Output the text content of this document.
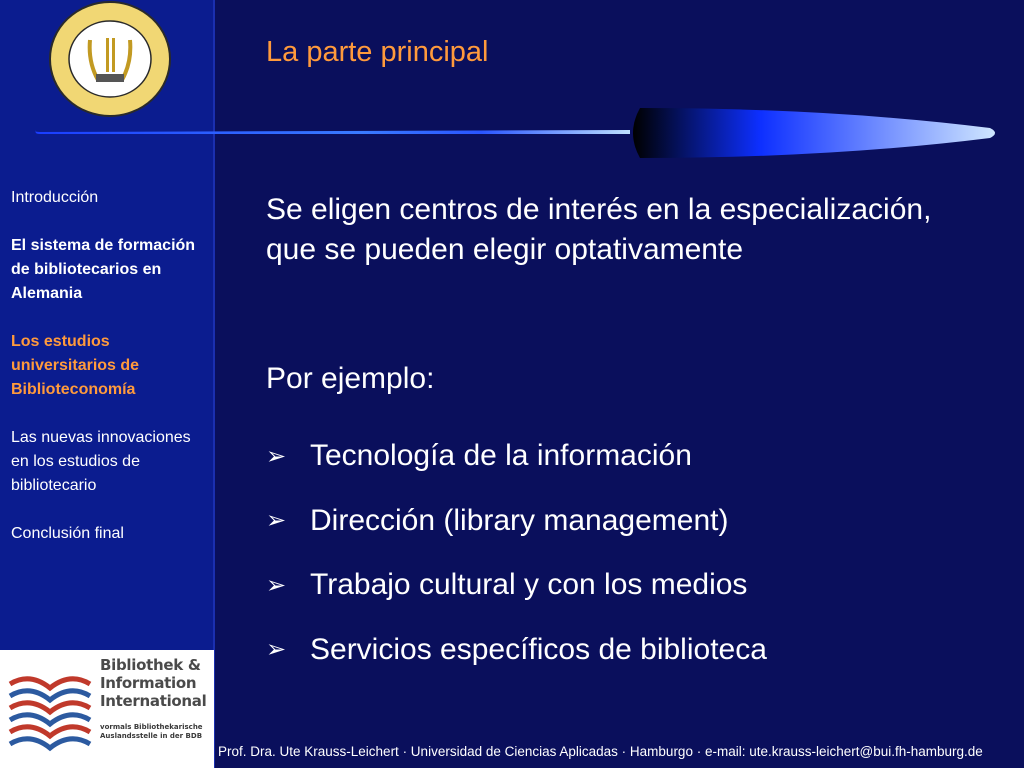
Introducción
El sistema de formación de bibliotecarios en Alemania
Los estudios universitarios de Biblioteconomía
Las nuevas innovaciones en los estudios de bibliotecario
Conclusión final
Bibliothek &
Information
International
vormals Bibliothekarische
Auslandsstelle in der BDB
La parte principal

Se eligen centros de interés en la especialización, que se pueden elegir optativamente

Por ejemplo:
➢ Tecnología de la información
➢ Dirección (library management)
➢ Trabajo cultural y con los medios
➢ Servicios específicos de biblioteca
Prof. Dra. Ute Krauss-Leichert · Universidad de Ciencias Aplicadas · Hamburgo · e-mail: ute.krauss-leichert@bui.fh-hamburg.de
